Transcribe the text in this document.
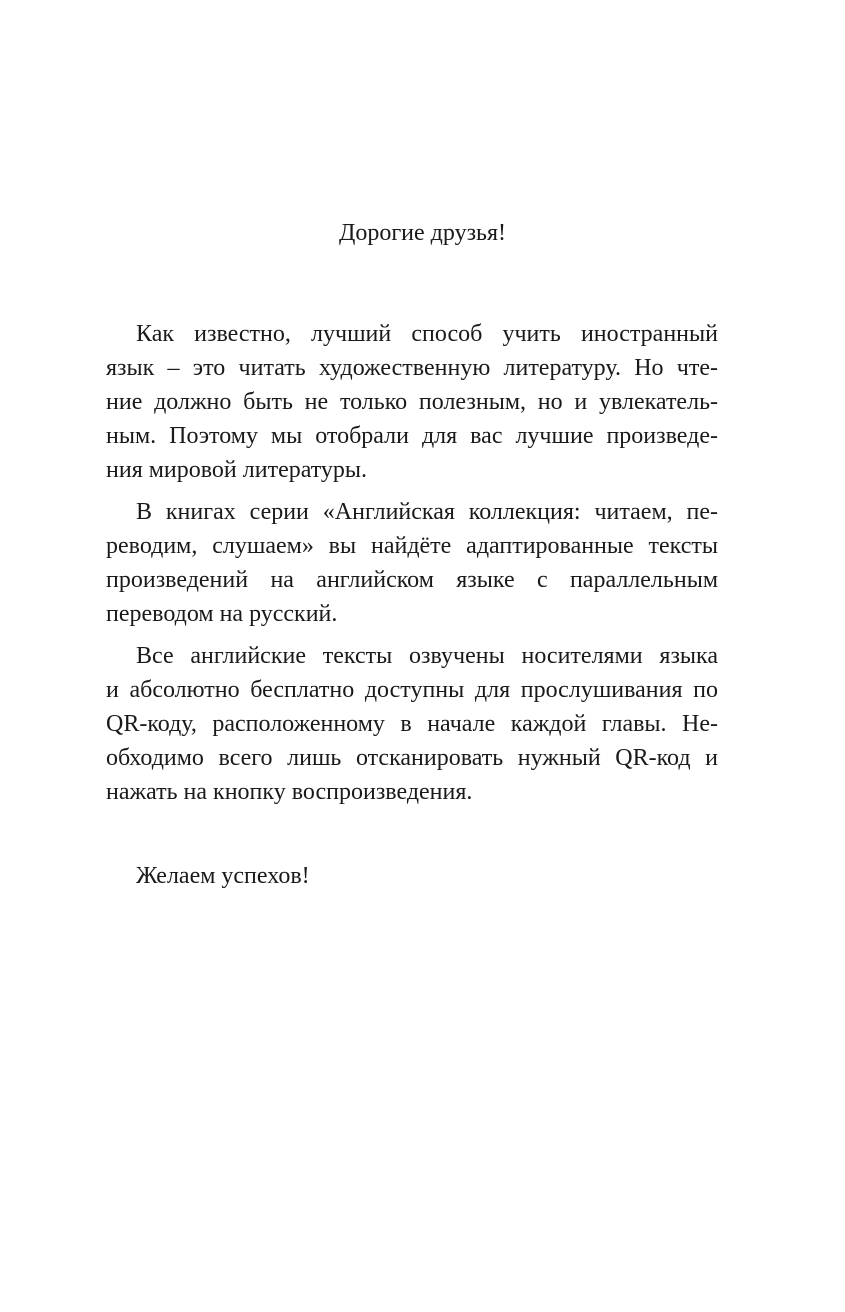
Дорогие друзья!
Как известно, лучший способ учить иностранный
язык – это читать художественную литературу. Но чте-
ние должно быть не только полезным, но и увлекатель-
ным. Поэтому мы отобрали для вас лучшие произведе-
ния мировой литературы.
В книгах серии «Английская коллекция: читаем, пе-
реводим, слушаем» вы найдёте адаптированные тексты
произведений на английском языке с параллельным
переводом на русский.
Все английские тексты озвучены носителями языка
и абсолютно бесплатно доступны для прослушивания по
QR-коду, расположенному в начале каждой главы. Не-
обходимо всего лишь отсканировать нужный QR-код и
нажать на кнопку воспроизведения.
Желаем успехов!
